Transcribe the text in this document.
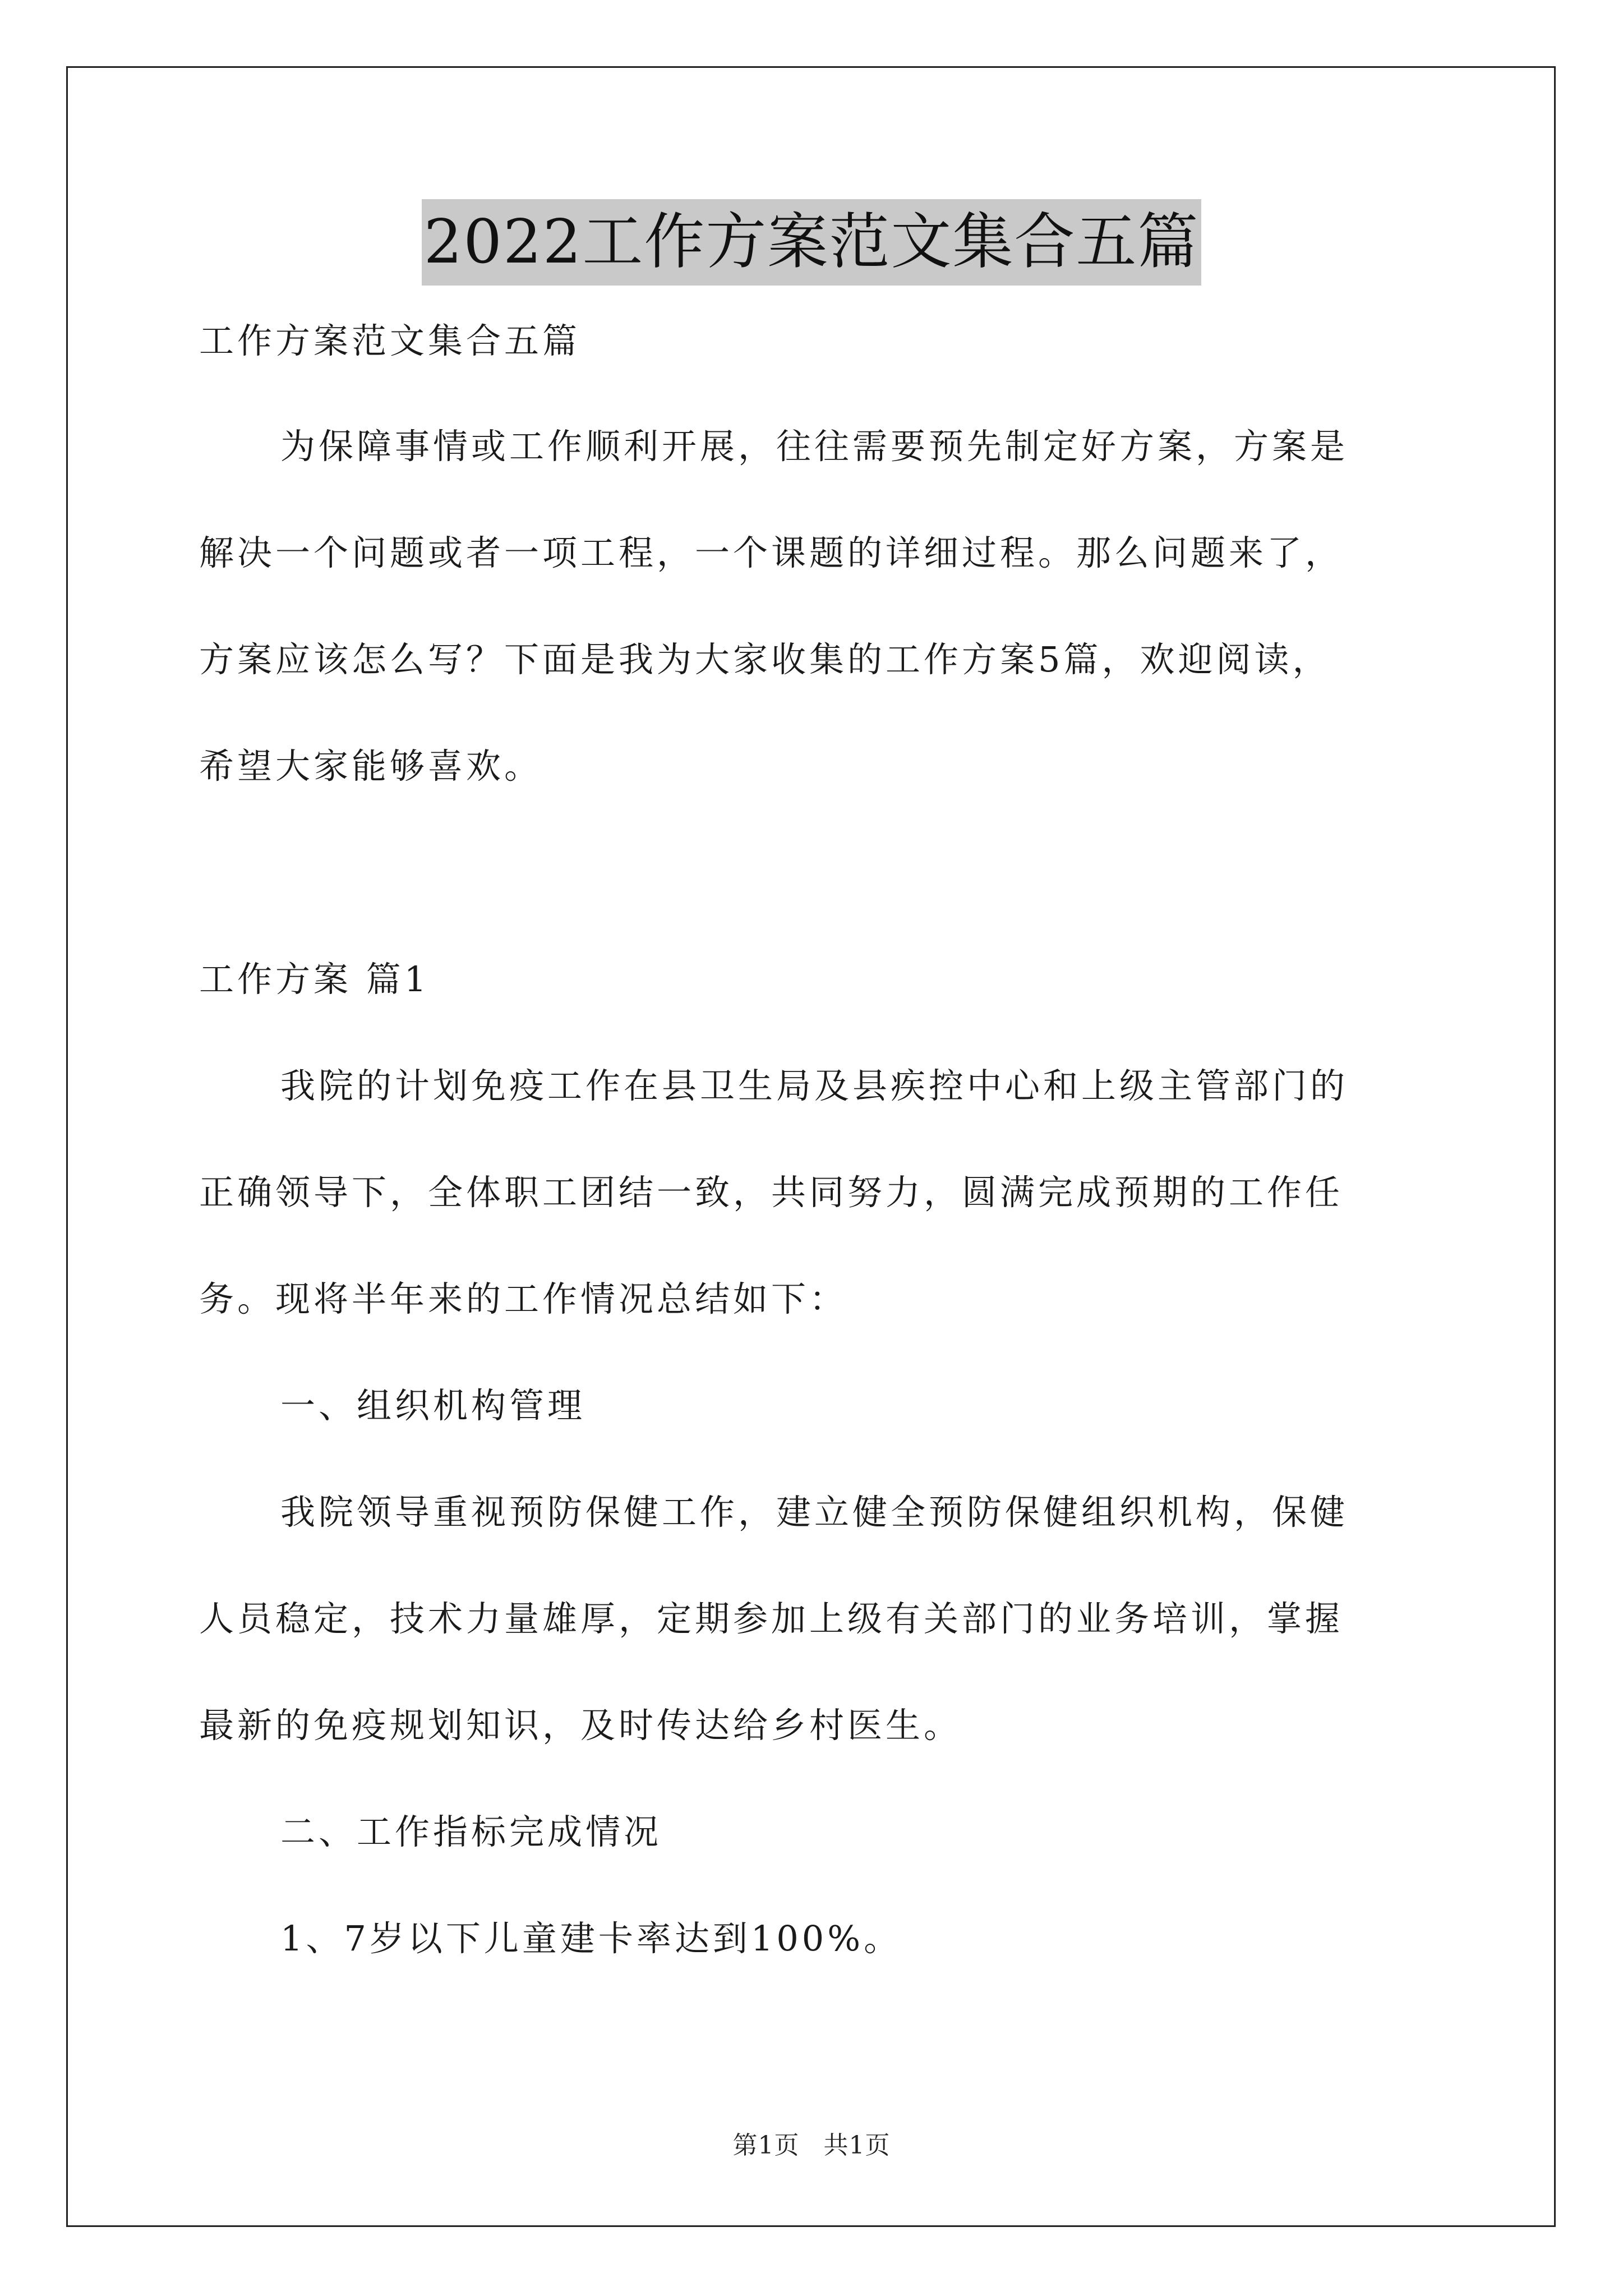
2022工作方案范文集合五篇

工作方案范文集合五篇

为保障事情或工作顺利开展，往往需要预先制定好方案，方案是

解决一个问题或者一项工程，一个课题的详细过程。那么问题来了，

方案应该怎么写？下面是我为大家收集的工作方案5篇，欢迎阅读，

希望大家能够喜欢。

工作方案 篇1

我院的计划免疫工作在县卫生局及县疾控中心和上级主管部门的

正确领导下，全体职工团结一致，共同努力，圆满完成预期的工作任

务。现将半年来的工作情况总结如下：

一、组织机构管理

我院领导重视预防保健工作，建立健全预防保健组织机构，保健

人员稳定，技术力量雄厚，定期参加上级有关部门的业务培训，掌握

最新的免疫规划知识，及时传达给乡村医生。

二、工作指标完成情况

1、7岁以下儿童建卡率达到100%。

第1页 共1页
